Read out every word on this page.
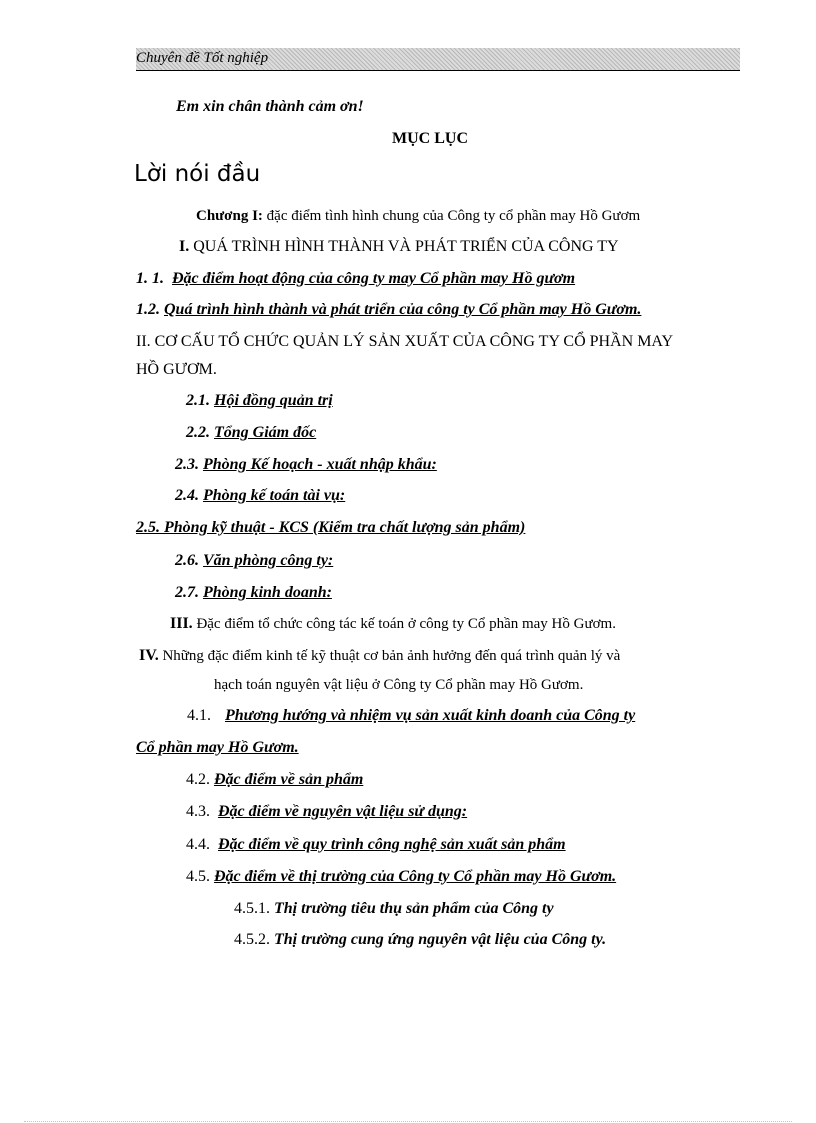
Chuyên đề Tốt nghiệp
Em xin chân thành cảm ơn!
MỤC LỤC
Lời nói đầu
Chương I: đặc điểm tình hình chung của Công ty cổ phần may Hồ Gươm
I. QUÁ TRÌNH HÌNH THÀNH VÀ PHÁT TRIỂN CỦA CÔNG TY
1. 1. Đặc điểm hoạt động của công ty may Cổ phần may Hồ gươm
1.2. Quá trình hình thành và phát triển của công ty Cổ phần may Hồ Gươm.
II. CƠ CẤU TỔ CHỨC QUẢN LÝ SẢN XUẤT CỦA CÔNG TY CỔ PHẦN MAY
HỒ GƯƠM.
2.1. Hội đồng quản trị
2.2. Tổng Giám đốc
2.3. Phòng Kế hoạch - xuất nhập khẩu:
2.4. Phòng kế toán tài vụ:
2.5. Phòng kỹ thuật - KCS (Kiểm tra chất lượng sản phẩm)
2.6. Văn phòng công ty:
2.7. Phòng kinh doanh:
III. Đặc điểm tổ chức công tác kế toán ở công ty Cổ phần may Hồ Gươm.
IV. Những đặc điểm kinh tế kỹ thuật cơ bản ảnh hưởng đến quá trình quản lý và
hạch toán nguyên vật liệu ở Công ty Cổ phần may Hồ Gươm.
4.1. Phương hướng và nhiệm vụ sản xuất kinh doanh của Công ty
Cổ phần may Hồ Gươm.
4.2. Đặc điểm về sản phẩm
4.3. Đặc điểm về nguyên vật liệu sử dụng:
4.4. Đặc điểm về quy trình công nghệ sản xuất sản phẩm
4.5. Đặc điểm về thị trường của Công ty Cổ phần may Hồ Gươm.
4.5.1. Thị trường tiêu thụ sản phẩm của Công ty
4.5.2. Thị trường cung ứng nguyên vật liệu của Công ty.
